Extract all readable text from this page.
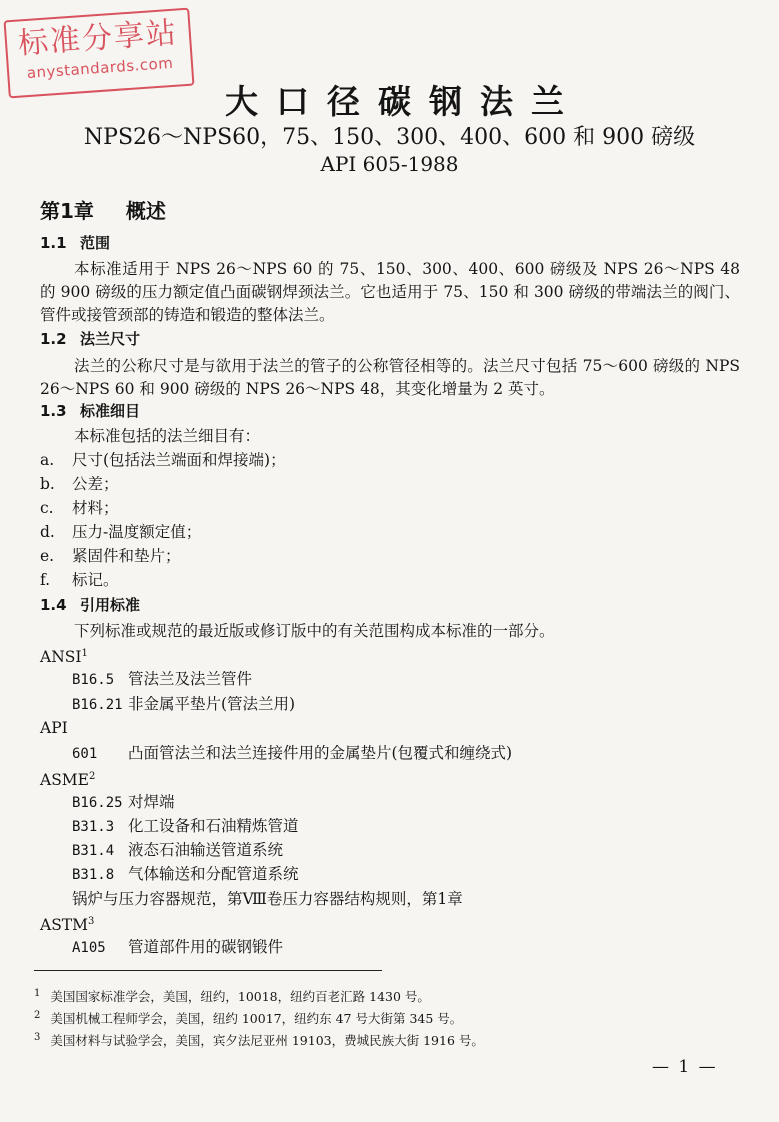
标准分享站
anystandards.com
大口径碳钢法兰
NPS26～NPS60，75、150、300、400、600 和 900 磅级
API 605-1988
第1章 概述
1.1 范围
本标准适用于 NPS 26～NPS 60 的 75、150、300、400、600 磅级及 NPS 26～NPS 48 的 900 磅级的压力额定值凸面碳钢焊颈法兰。它也适用于 75、150 和 300 磅级的带端法兰的阀门、管件或接管颈部的铸造和锻造的整体法兰。
1.2 法兰尺寸
法兰的公称尺寸是与欲用于法兰的管子的公称管径相等的。法兰尺寸包括 75～600 磅级的 NPS 26～NPS 60 和 900 磅级的 NPS 26～NPS 48，其变化增量为 2 英寸。
1.3 标准细目
本标准包括的法兰细目有：
a. 尺寸(包括法兰端面和焊接端)；
b. 公差；
c. 材料；
d. 压力-温度额定值；
e. 紧固件和垫片；
f. 标记。
1.4 引用标准
下列标准或规范的最近版或修订版中的有关范围构成本标准的一部分。
ANSI$^1$
B16.5 管法兰及法兰管件
B16.21 非金属平垫片(管法兰用)
API
601 凸面管法兰和法兰连接件用的金属垫片(包覆式和缠绕式)
ASME$^2$
B16.25 对焊端
B31.3 化工设备和石油精炼管道
B31.4 液态石油输送管道系统
B31.8 气体输送和分配管道系统
锅炉与压力容器规范，第Ⅷ卷压力容器结构规则，第1章
ASTM$^3$
A105 管道部件用的碳钢锻件
$^1$ 美国国家标准学会，美国，纽约，10018，纽约百老汇路 1430 号。
$^2$ 美国机械工程师学会，美国，纽约 10017，纽约东 47 号大街第 345 号。
$^3$ 美国材料与试验学会，美国，宾夕法尼亚州 19103，费城民族大街 1916 号。
— 1 —
